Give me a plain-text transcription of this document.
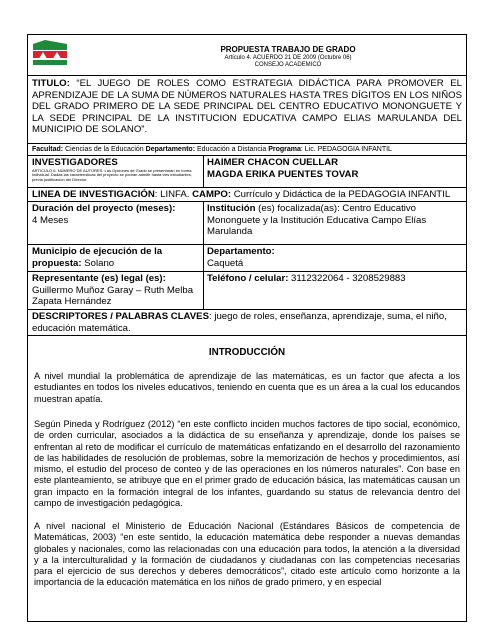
PROPUESTA TRABAJO DE GRADO
Artículo 4. ACUERDO 21 DE 2009 (Octubre 06)
CONSEJO ACADEMICO
TITULO: “EL JUEGO DE ROLES COMO ESTRATEGIA DIDÁCTICA PARA PROMOVER EL APRENDIZAJE DE LA SUMA DE NÚMEROS NATURALES HASTA TRES DÍGITOS EN LOS NIÑOS DEL GRADO PRIMERO DE LA SEDE PRINCIPAL DEL CENTRO EDUCATIVO MONONGUETE Y LA SEDE PRINCIPAL DE LA INSTITUCION EDUCATIVA CAMPO ELIAS MARULANDA DEL MUNICIPIO DE SOLANO”.
Facultad: Ciencias de la Educación Departamento: Educación a Distancia Programa: Lic. PEDAGOGIA INFANTIL
INVESTIGADORES
ARTICULO 6. NÚMERO DE AUTORES. Las Opciones de Grado se presentarán en forma individual. Dadas las características del proyecto se podrán admitir hasta tres estudiantes, previa justificación del Director.
HAIMER CHACON CUELLAR
MAGDA ERIKA PUENTES TOVAR
LINEA DE INVESTIGACIÓN: LINFA. CAMPO: Currículo y Didáctica de la PEDAGOGIA INFANTIL
Duración del proyecto (meses):
4 Meses
Institución (es) focalizada(as): Centro Educativo Mononguete y la Institución Educativa Campo Elías Marulanda
Municipio de ejecución de la
propuesta: Solano
Departamento:
Caquetá
Representante (es) legal (es):
Guillermo Muñoz Garay – Ruth Melba Zapata Hernández
Teléfono / celular: 3112322064 - 3208529883
DESCRIPTORES / PALABRAS CLAVES: juego de roles, enseñanza, aprendizaje, suma, el niño, educación matemática.
INTRODUCCIÓN
A nivel mundial la problemática de aprendizaje de las matemáticas, es un factor que afecta a los estudiantes en todos los niveles educativos, teniendo en cuenta que es un área a la cual los educandos muestran apatía.
Según Pineda y Rodríguez (2012) “en este conflicto inciden muchos factores de tipo social, económico, de orden curricular, asociados a la didáctica de su enseñanza y aprendizaje, donde los países se enfrentan al reto de modificar el currículo de matemáticas enfatizando en el desarrollo del razonamiento de las habilidades de resolución de problemas, sobre la memorización de hechos y procedimientos, así mismo, el estudio del proceso de conteo y de las operaciones en los números naturales”. Con base en este planteamiento, se atribuye que en el primer grado de educación básica, las matemáticas causan un gran impacto en la formación integral de los infantes, guardando su status de relevancia dentro del campo de investigación pedagógica.
A nivel nacional el Ministerio de Educación Nacional (Estándares Básicos de competencia de Matemáticas, 2003) “en este sentido, la educación matemática debe responder a nuevas demandas globales y nacionales, como las relacionadas con una educación para todos, la atención a la diversidad y a la interculturalidad y la formación de ciudadanos y ciudadanas con las competencias necesarias para el ejercicio de sus derechos y deberes democráticos”, citado este artículo como horizonte a la importancia de la educación matemática en los niños de grado primero, y en especial
